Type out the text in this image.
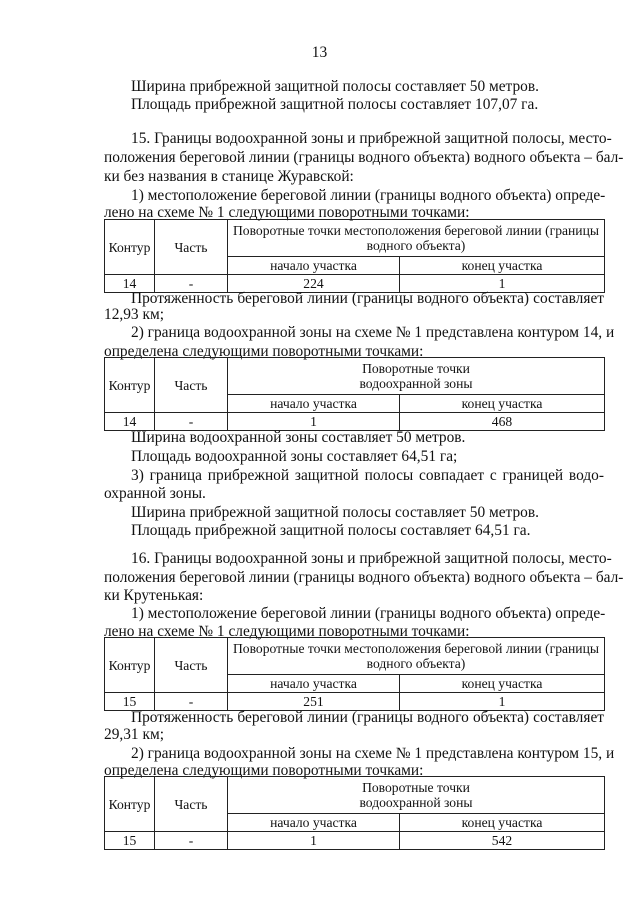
13
Ширина прибрежной защитной полосы составляет 50 метров.
Площадь прибрежной защитной полосы составляет 107,07 га.
15. Границы водоохранной зоны и прибрежной защитной полосы, место-
положения береговой линии (границы водного объекта) водного объекта – бал-
ки без названия в станице Журавской:
1) местоположение береговой линии (границы водного объекта) опреде-
лено на схеме № 1 следующими поворотными точками:
Контур	Часть	Поворотные точки местоположения береговой линии (границы водного объекта)	
		начало участка	конец участка
14	-	224	1
Протяженность береговой линии (границы водного объекта) составляет
12,93 км;
2) граница водоохранной зоны на схеме № 1 представлена контуром 14, и
определена следующими поворотными точками:
Контур	Часть	Поворотные точки водоохранной зоны	
		начало участка	конец участка
14	-	1	468
Ширина водоохранной зоны составляет 50 метров.
Площадь водоохранной зоны составляет 64,51 га;
3) граница прибрежной защитной полосы совпадает с границей водо-
охранной зоны.
Ширина прибрежной защитной полосы составляет 50 метров.
Площадь прибрежной защитной полосы составляет 64,51 га.
16. Границы водоохранной зоны и прибрежной защитной полосы, место-
положения береговой линии (границы водного объекта) водного объекта – бал-
ки Крутенькая:
1) местоположение береговой линии (границы водного объекта) опреде-
лено на схеме № 1 следующими поворотными точками:
Контур	Часть	Поворотные точки местоположения береговой линии (границы водного объекта)	
		начало участка	конец участка
15	-	251	1
Протяженность береговой линии (границы водного объекта) составляет
29,31 км;
2) граница водоохранной зоны на схеме № 1 представлена контуром 15, и
определена следующими поворотными точками:
Контур	Часть	Поворотные точки водоохранной зоны	
		начало участка	конец участка
15	-	1	542
